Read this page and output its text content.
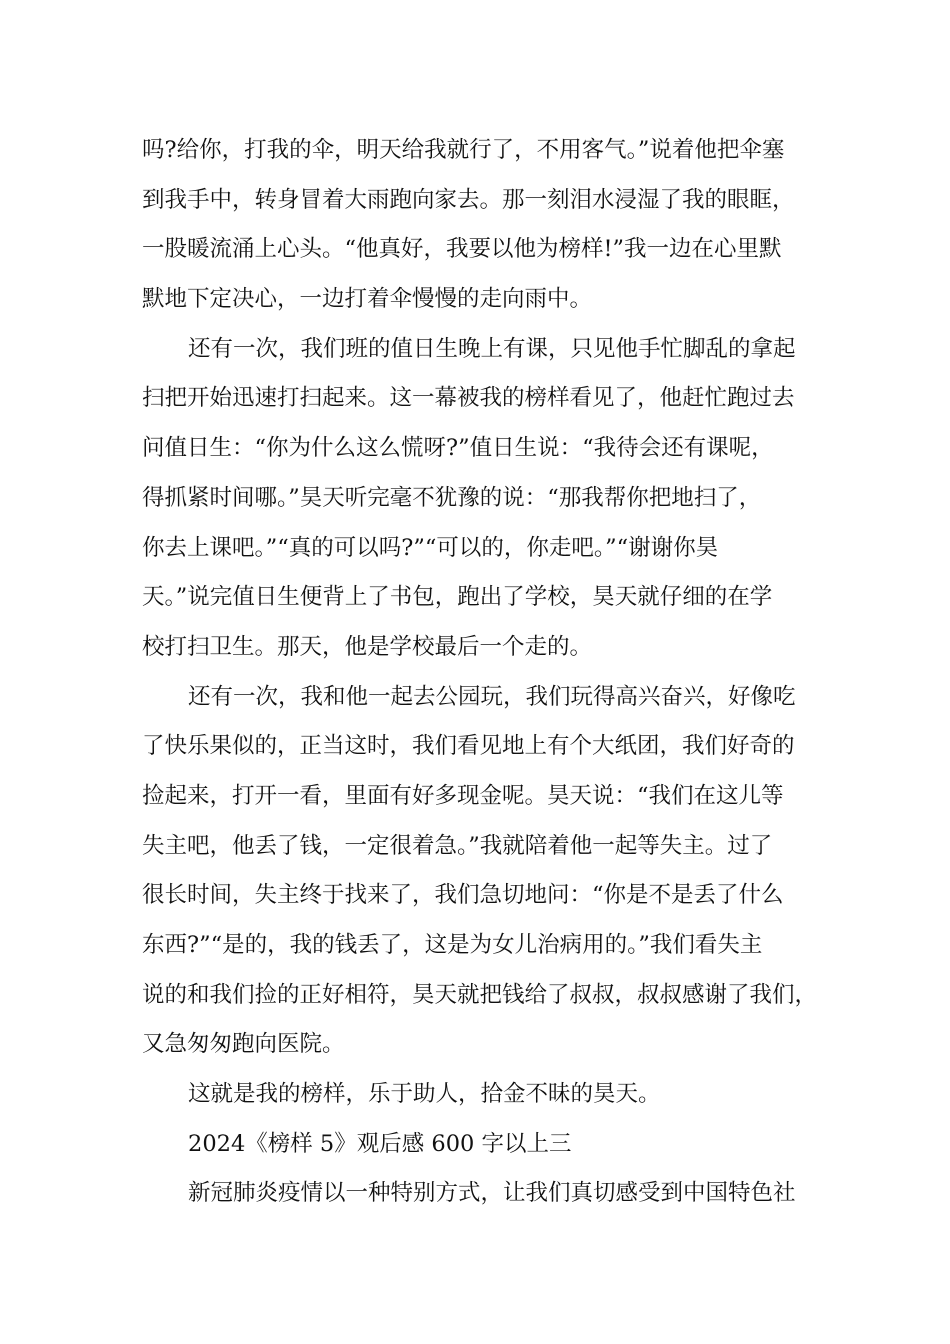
吗?给你，打我的伞，明天给我就行了，不用客气。”说着他把伞塞
到我手中，转身冒着大雨跑向家去。那一刻泪水浸湿了我的眼眶，
一股暖流涌上心头。“他真好，我要以他为榜样!”我一边在心里默
默地下定决心，一边打着伞慢慢的走向雨中。
还有一次，我们班的值日生晚上有课，只见他手忙脚乱的拿起
扫把开始迅速打扫起来。这一幕被我的榜样看见了，他赶忙跑过去
问值日生：“你为什么这么慌呀?”值日生说：“我待会还有课呢，
得抓紧时间哪。”昊天听完毫不犹豫的说：“那我帮你把地扫了，
你去上课吧。”“真的可以吗?”“可以的，你走吧。”“谢谢你昊
天。”说完值日生便背上了书包，跑出了学校，昊天就仔细的在学
校打扫卫生。那天，他是学校最后一个走的。
还有一次，我和他一起去公园玩，我们玩得高兴奋兴，好像吃
了快乐果似的，正当这时，我们看见地上有个大纸团，我们好奇的
捡起来，打开一看，里面有好多现金呢。昊天说：“我们在这儿等
失主吧，他丢了钱，一定很着急。”我就陪着他一起等失主。过了
很长时间，失主终于找来了，我们急切地问：“你是不是丢了什么
东西?”“是的，我的钱丢了，这是为女儿治病用的。”我们看失主
说的和我们捡的正好相符，昊天就把钱给了叔叔，叔叔感谢了我们，
又急匆匆跑向医院。
这就是我的榜样，乐于助人，拾金不昧的昊天。
2024《榜样 5》观后感 600 字以上三
新冠肺炎疫情以一种特别方式，让我们真切感受到中国特色社
